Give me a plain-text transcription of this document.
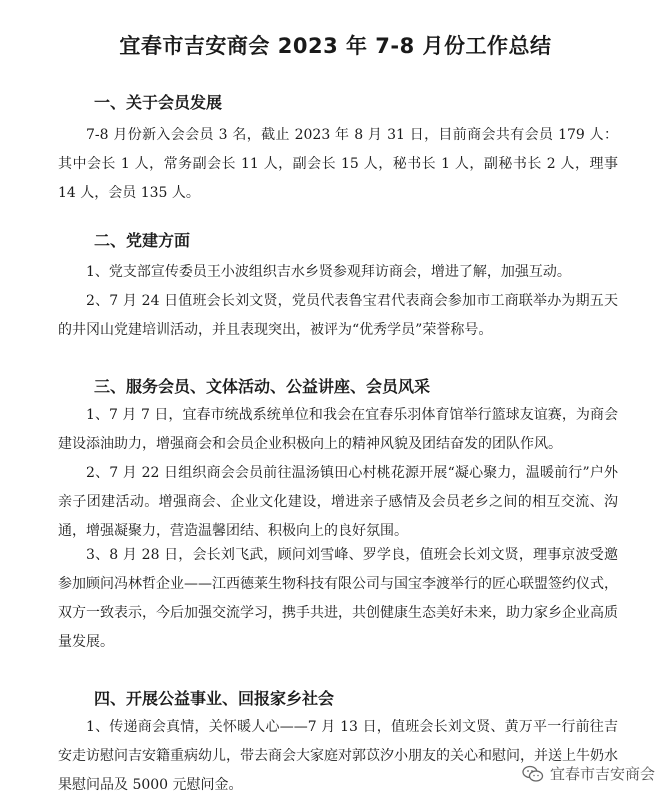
宜春市吉安商会 2023 年 7-8 月份工作总结
一、关于会员发展
7-8 月份新入会会员 3 名，截止 2023 年 8 月 31 日，目前商会共有会员 179 人：其中会长 1 人，常务副会长 11 人，副会长 15 人，秘书长 1 人，副秘书长 2 人，理事 14 人，会员 135 人。
二、党建方面
1、党支部宣传委员王小波组织吉水乡贤参观拜访商会，增进了解，加强互动。
2、7 月 24 日值班会长刘文贤，党员代表鲁宝君代表商会参加市工商联举办为期五天的井冈山党建培训活动，并且表现突出，被评为“优秀学员”荣誉称号。
三、服务会员、文体活动、公益讲座、会员风采
1、7 月 7 日，宜春市统战系统单位和我会在宜春乐羽体育馆举行篮球友谊赛，为商会建设添油助力，增强商会和会员企业积极向上的精神风貌及团结奋发的团队作风。
2、7 月 22 日组织商会会员前往温汤镇田心村桃花源开展“凝心聚力，温暖前行”户外亲子团建活动。增强商会、企业文化建设，增进亲子感情及会员老乡之间的相互交流、沟通，增强凝聚力，营造温馨团结、积极向上的良好氛围。
3、8 月 28 日，会长刘飞武，顾问刘雪峰、罗学良，值班会长刘文贤，理事京波受邀参加顾问冯林哲企业——江西德莱生物科技有限公司与国宝李渡举行的匠心联盟签约仪式，双方一致表示，今后加强交流学习，携手共进，共创健康生态美好未来，助力家乡企业高质量发展。
四、开展公益事业、回报家乡社会
1、传递商会真情，关怀暖人心——7 月 13 日，值班会长刘文贤、黄万平一行前往吉安走访慰问吉安籍重病幼儿，带去商会大家庭对郭苡汐小朋友的关心和慰问，并送上牛奶水果慰问品及 5000 元慰问金。
宜春市吉安商会
